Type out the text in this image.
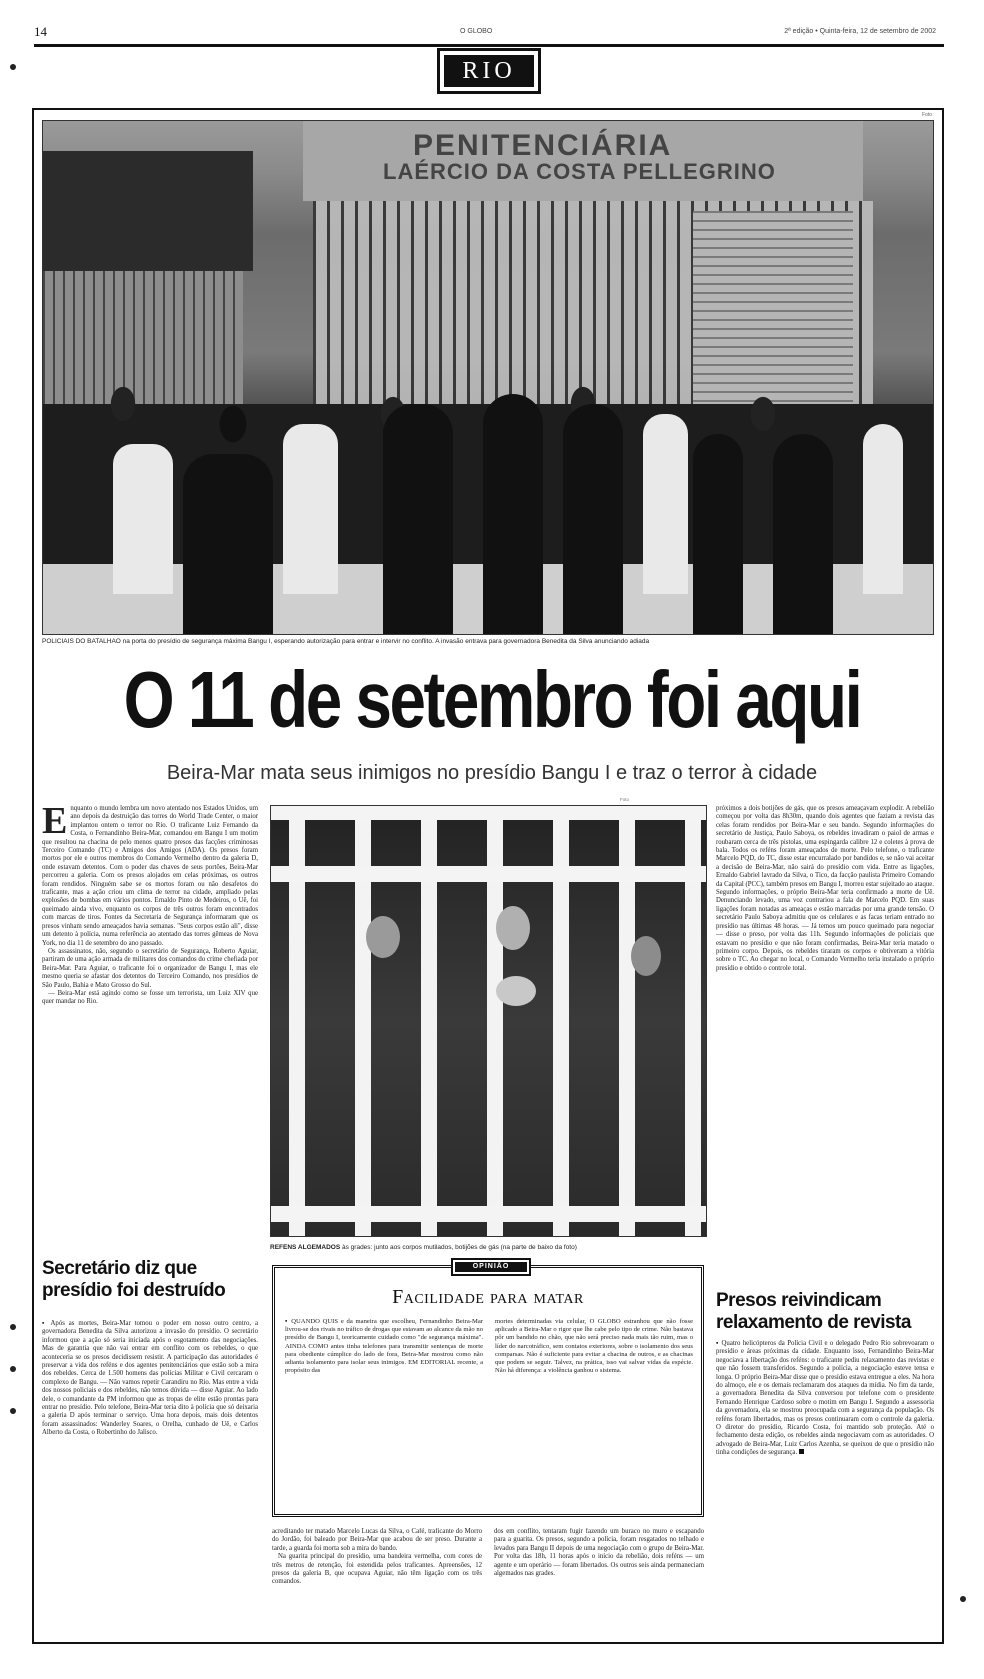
14	O GLOBO	2ª edição • Quinta-feira, 12 de setembro de 2002
RIO
Foto
PENITENCIÁRIA
LAÉRCIO DA COSTA PELLEGRINO
POLICIAIS DO BATALHÃO na porta do presídio de segurança máxima Bangu I, esperando autorização para entrar e intervir no conflito. A invasão entrava para governadora Benedita da Silva anunciando adiada
O 11 de setembro foi aqui
Beira-Mar mata seus inimigos no presídio Bangu I e traz o terror à cidade
Enquanto o mundo lembra um novo atentado nos Estados Unidos, um ano depois da destruição das torres do World Trade Center, o maior implantou ontem o terror no Rio. O traficante Luiz Fernando da Costa, o Fernandinho Beira-Mar, comandou em Bangu I um motim que resultou na chacina de pelo menos quatro presos das facções criminosas Terceiro Comando (TC) e Amigos dos Amigos (ADA). Os presos foram mortos por ele e outros membros do Comando Vermelho dentro da galeria D, onde estavam detentos. Com o poder das chaves de seus portões, Beira-Mar percorreu a galeria. Com os presos alojados em celas próximas, os outros foram rendidos. Ninguém sabe se os mortos foram ou não desafetos do traficante, mas a ação criou um clima de terror na cidade, ampliado pelas explosões de bombas em vários pontos. Ernaldo Pinto de Medeiros, o Uê, foi queimado ainda vivo, enquanto os corpos de três outros foram encontrados com marcas de tiros. Fontes da Secretaria de Segurança informaram que os presos vinham sendo ameaçados havia semanas. "Seus corpos estão ali", disse um detento à polícia, numa referência ao atentado das torres gêmeas de Nova York, no dia 11 de setembro do ano passado.

Os assassinatos, não, segundo o secretário de Segurança, Roberto Aguiar, partiram de uma ação armada de militares dos comandos do crime chefiada por Beira-Mar. Para Aguiar, o traficante foi o organizador de Bangu I, mas ele mesmo queria se afastar dos detentos do Terceiro Comando, nos presídios de São Paulo, Bahia e Mato Grosso do Sul.

— Beira-Mar está agindo como se fosse um terrorista, um Luiz XIV que quer mandar no Rio.

Secretário diz que presídio foi destruído
▪ Após as mortes, Beira-Mar tomou o poder em nosso outro centro, a governadora Benedita da Silva autorizou a invasão do presídio. O secretário informou que a ação só seria iniciada após o esgotamento das negociações. Mas de garantia que não vai entrar em conflito com os rebeldes, o que aconteceria se os presos decidissem resistir. A participação das autoridades é preservar a vida dos reféns e dos agentes penitenciários que estão sob a mira dos rebeldes. Cerca de 1.500 homens das polícias Militar e Civil cercaram o complexo de Bangu. — Não vamos repetir Carandiru no Rio. Mas entre a vida dos nossos policiais e dos rebeldes, não temos dúvida — disse Aguiar. Ao lado dele, o comandante da PM informou que as tropas de elite estão prontas para entrar no presídio. Pelo telefone, Beira-Mar teria dito à polícia que só deixaria a galeria D após terminar o serviço. Uma hora depois, mais dois detentos foram assassinados: Wanderley Soares, o Orelha, cunhado de Uê, e Carlos Alberto da Costa, o Robertinho do Jalisco.
Foto
REFÉNS ALGEMADOS às grades: junto aos corpos mutilados, botijões de gás (na parte de baixo da foto)
próximos a dois botijões de gás, que os presos ameaçavam explodir. A rebelião começou por volta das 8h30m, quando dois agentes que faziam a revista das celas foram rendidos por Beira-Mar e seu bando. Segundo informações do secretário de Justiça, Paulo Saboya, os rebeldes invadiram o paiol de armas e roubaram cerca de três pistolas, uma espingarda calibre 12 e coletes à prova de bala. Todos os reféns foram ameaçados de morte. Pelo telefone, o traficante Marcelo PQD, do TC, disse estar encurralado por bandidos e, se não vai aceitar a decisão de Beira-Mar, não sairá do presídio com vida. Entre as ligações, Ernaldo Gabriel lavrado da Silva, o Tico, da facção paulista Primeiro Comando da Capital (PCC), também presos em Bangu I, morreu estar sujeitado ao ataque. Segundo informações, o próprio Beira-Mar teria confirmado a morte de Uê. Denunciando levado, uma voz contrariou a fala de Marcelo PQD. Em suas ligações foram notadas as ameaças e estão marcadas por uma grande tensão. O secretário Paulo Saboya admitiu que os celulares e as facas teriam entrado no presídio nas últimas 48 horas. — Já temos um pouco queimado para negociar — disse o preso, por volta das 11h. Segundo informações de policiais que estavam no presídio e que não foram confirmadas, Beira-Mar teria matado o primeiro corpo. Depois, os rebeldes tiraram os corpos e obtiveram a vitória sobre o TC. Ao chegar no local, o Comando Vermelho teria instalado o próprio presídio e obtido o controle total.
Presos reivindicam relaxamento de revista
▪ Quatro helicópteros da Polícia Civil e o delegado Pedro Rio sobrevoaram o presídio e áreas próximas da cidade. Enquanto isso, Fernandinho Beira-Mar negociava a libertação dos reféns: o traficante pediu relaxamento das revistas e que não fossem transferidos. Segundo a polícia, a negociação esteve tensa e longa. O próprio Beira-Mar disse que o presídio estava entregue a eles. Na hora do almoço, ele e os demais reclamaram dos ataques da mídia. No fim da tarde, a governadora Benedita da Silva conversou por telefone com o presidente Fernando Henrique Cardoso sobre o motim em Bangu I. Segundo a assessoria da governadora, ela se mostrou preocupada com a segurança da população. Os reféns foram libertados, mas os presos continuaram com o controle da galeria. O diretor do presídio, Ricardo Costa, foi mantido sob proteção. Até o fechamento desta edição, os rebeldes ainda negociavam com as autoridades. O advogado de Beira-Mar, Luiz Carlos Azenha, se queixou de que o presídio não tinha condições de segurança.
OPINIÃO
Facilidade para matar
▪ QUANDO QUIS e da maneira que escolheu, Fernandinho Beira-Mar livrou-se dos rivais no tráfico de drogas que estavam ao alcance da mão no presídio de Bangu I, teoricamente cuidado como "de segurança máxima". AINDA COMO antes tinha telefones para transmitir sentenças de morte para obediente cúmplice do lado de fora, Beira-Mar mostrou como não adianta isolamento para isolar seus inimigos. EM EDITORIAL recente, a propósito das
mortes determinadas via celular, O GLOBO estranhou que não fosse aplicado a Beira-Mar o rigor que lhe cabe pelo tipo de crime. Não bastava pôr um bandido no chão, que não será preciso nada mais tão ruim, mas o líder do narcotráfico, sem contatos exteriores, sobre o isolamento dos seus comparsas. Não é suficiente para evitar a chacina de outros, e as chacinas que podem se seguir. Talvez, na prática, isso vai salvar vidas da espécie. Não há diferença: a violência ganhou o sistema.
acreditando ter matado Marcelo Lucas da Silva, o Café, traficante do Morro do Jordão, foi baleado por Beira-Mar que acabou de ser preso. Durante a tarde, a guarda foi morta sob a mira do bando.

Na guarita principal do presídio, uma bandeira vermelha, com cores de três metros de retenção, foi estendida pelos traficantes. Apreensões, 12 presos da galeria B, que ocupava Aguiar, não têm ligação com os três comandos.

dos em conflito, tentaram fugir fazendo um buraco no muro e escapando para a guarita. Os presos, segundo a polícia, foram resgatados no telhado e levados para Bangu II depois de uma negociação com o grupo de Beira-Mar. Por volta das 18h, 11 horas após o início da rebelião, dois reféns — um agente e um operário — foram libertados. Os outros seis ainda permaneciam algemados nas grades.
